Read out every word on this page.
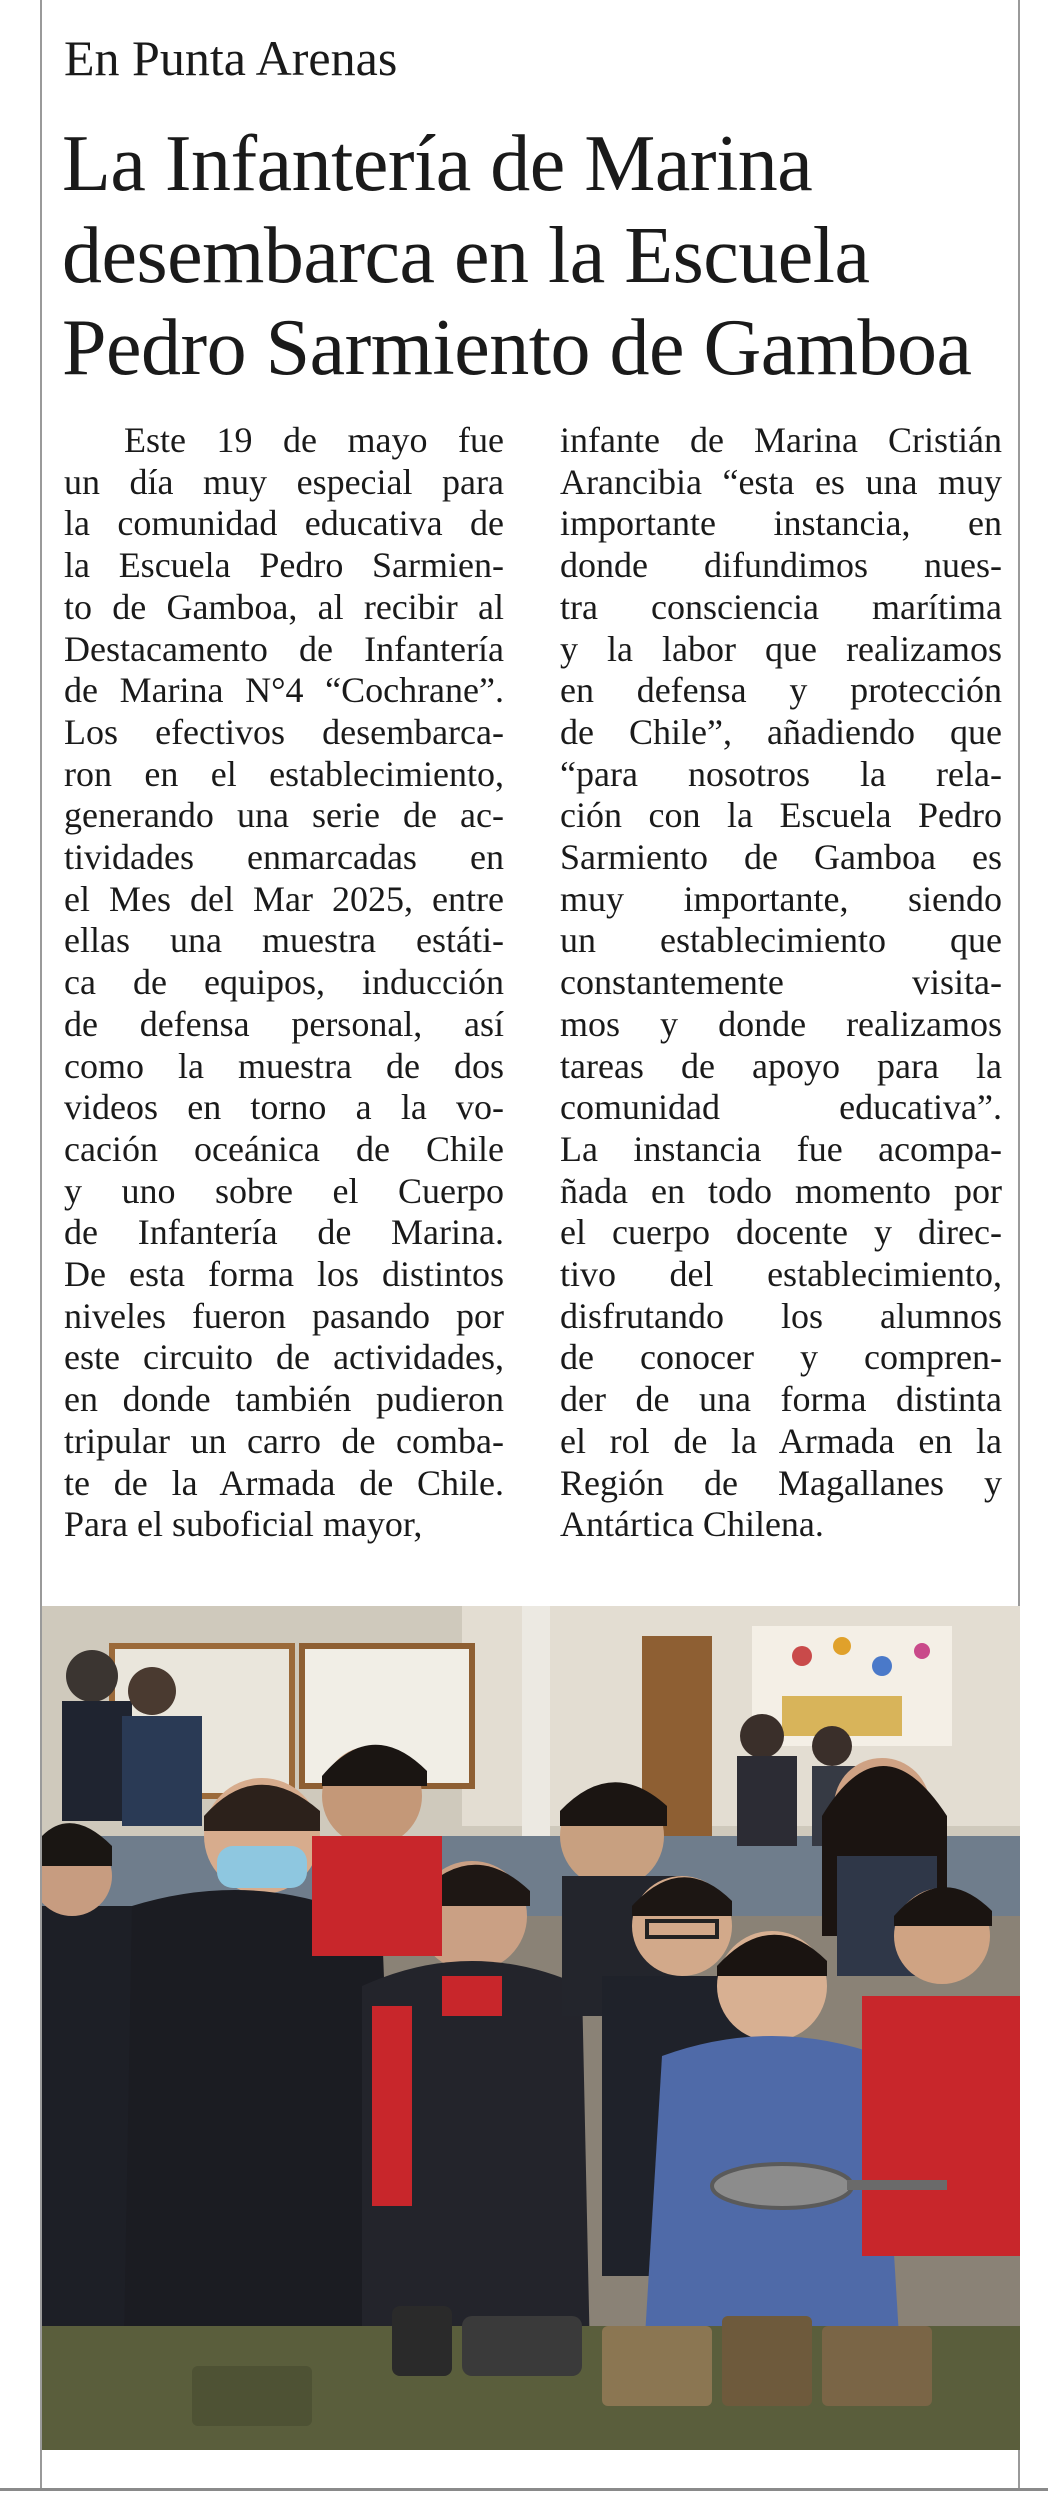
En Punta Arenas
La Infantería de Marina
desembarca en la Escuela
Pedro Sarmiento de Gamboa

Este 19 de mayo fue
un día muy especial para
la comunidad educativa de
la Escuela Pedro Sarmien-
to de Gamboa, al recibir al
Destacamento de Infantería
de Marina N°4 “Cochrane”.
Los efectivos desembarca-
ron en el establecimiento,
generando una serie de ac-
tividades enmarcadas en
el Mes del Mar 2025, entre
ellas una muestra estáti-
ca de equipos, inducción
de defensa personal, así
como la muestra de dos
videos en torno a la vo-
cación oceánica de Chile
y uno sobre el Cuerpo
de Infantería de Marina.
De esta forma los distintos
niveles fueron pasando por
este circuito de actividades,
en donde también pudieron
tripular un carro de comba-
te de la Armada de Chile.
Para el suboficial mayor,

infante de Marina Cristián
Arancibia “esta es una muy
importante instancia, en
donde difundimos nues-
tra consciencia marítima
y la labor que realizamos
en defensa y protección
de Chile”, añadiendo que
“para nosotros la rela-
ción con la Escuela Pedro
Sarmiento de Gamboa es
muy importante, siendo
un establecimiento que
constantemente visita-
mos y donde realizamos
tareas de apoyo para la
comunidad educativa”.
La instancia fue acompa-
ñada en todo momento por
el cuerpo docente y direc-
tivo del establecimiento,
disfrutando los alumnos
de conocer y compren-
der de una forma distinta
el rol de la Armada en la
Región de Magallanes y
Antártica Chilena.
